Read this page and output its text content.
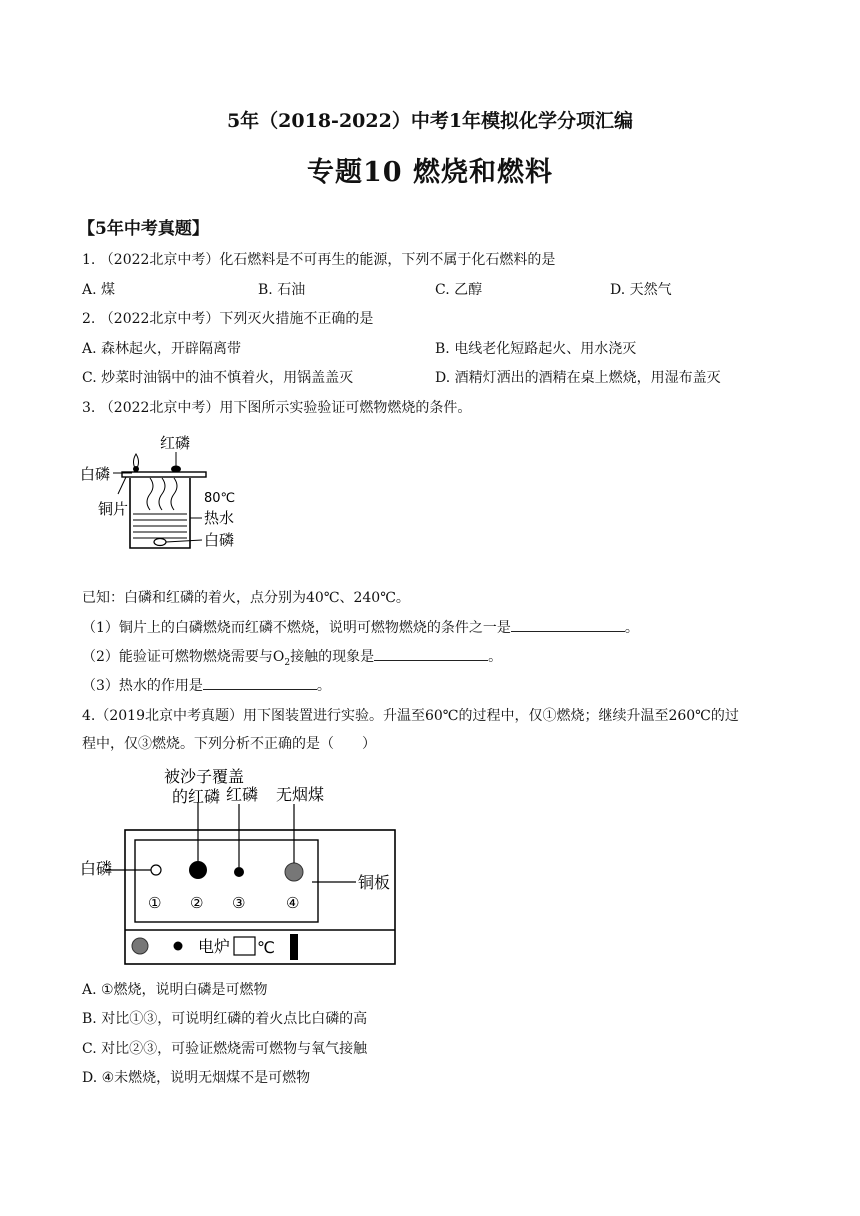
5年（2018-2022）中考1年模拟化学分项汇编
专题10 燃烧和燃料
【5年中考真题】
1. （2022北京中考）化石燃料是不可再生的能源，下列不属于化石燃料的是
A. 煤	B. 石油	C. 乙醇	D. 天然气
2. （2022北京中考）下列灭火措施不正确的是
A. 森林起火，开辟隔离带	B. 电线老化短路起火、用水浇灭
C. 炒菜时油锅中的油不慎着火，用锅盖盖灭	D. 酒精灯洒出的酒精在桌上燃烧，用湿布盖灭
3. （2022北京中考）用下图所示实验验证可燃物燃烧的条件。
白磷
红磷
铜片
80℃
热水
白磷
已知：白磷和红磷的着火，点分别为40℃、240℃。
（1）铜片上的白磷燃烧而红磷不燃烧，说明可燃物燃烧的条件之一是	。
（2）能验证可燃物燃烧需要与$O_2$接触的现象是	。
（3）热水的作用是	。
4.（2019北京中考真题）用下图装置进行实验。升温至60℃的过程中，仅①燃烧；继续升温至260℃的过
程中，仅③燃烧。下列分析不正确的是（　　）
被沙子覆盖
的红磷 红磷 无烟煤
白磷
铜板
① ② ③	④
电炉 ℃
A. ①燃烧，说明白磷是可燃物
B. 对比①③，可说明红磷的着火点比白磷的高
C. 对比②③，可验证燃烧需可燃物与氧气接触
D. ④未燃烧，说明无烟煤不是可燃物
